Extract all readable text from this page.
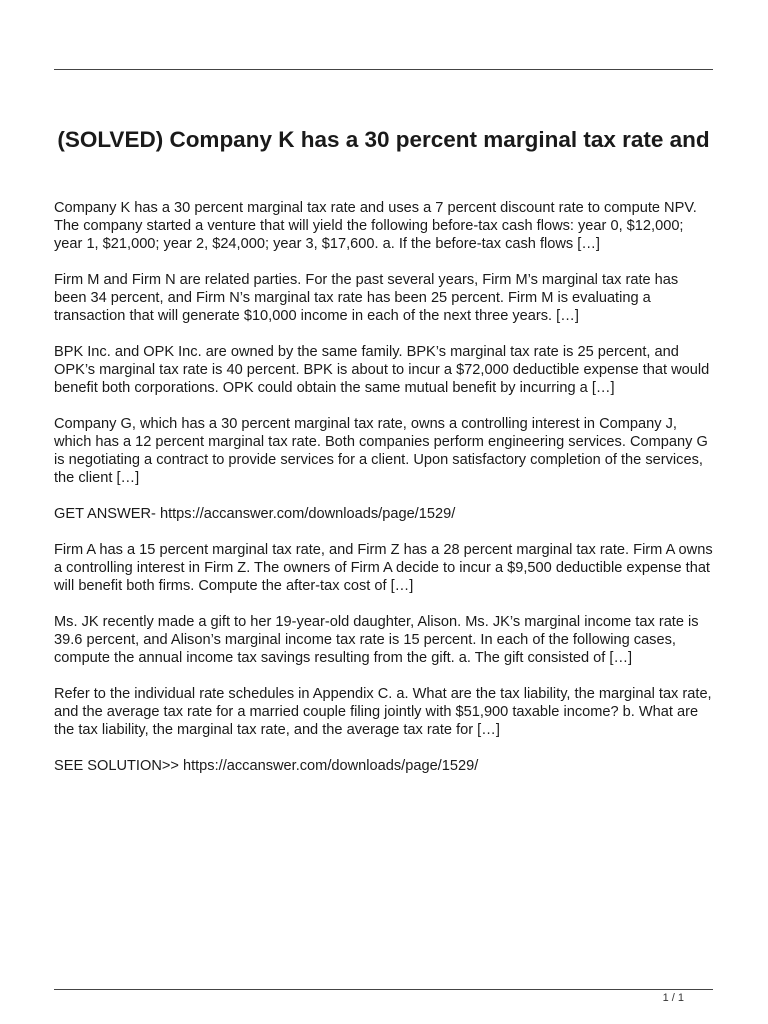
(SOLVED) Company K has a 30 percent marginal tax rate and

Company K has a 30 percent marginal tax rate and uses a 7 percent discount rate to compute NPV. The company started a venture that will yield the following before-tax cash flows: year 0, $12,000; year 1, $21,000; year 2, $24,000; year 3, $17,600. a. If the before-tax cash flows […]

Firm M and Firm N are related parties. For the past several years, Firm M’s marginal tax rate has been 34 percent, and Firm N’s marginal tax rate has been 25 percent. Firm M is evaluating a transaction that will generate $10,000 income in each of the next three years. […]

BPK Inc. and OPK Inc. are owned by the same family. BPK’s marginal tax rate is 25 percent, and OPK’s marginal tax rate is 40 percent. BPK is about to incur a $72,000 deductible expense that would benefit both corporations. OPK could obtain the same mutual benefit by incurring a […]

Company G, which has a 30 percent marginal tax rate, owns a controlling interest in Company J, which has a 12 percent marginal tax rate. Both companies perform engineering services. Company G is negotiating a contract to provide services for a client. Upon satisfactory completion of the services, the client […]

GET ANSWER- https://accanswer.com/downloads/page/1529/

Firm A has a 15 percent marginal tax rate, and Firm Z has a 28 percent marginal tax rate. Firm A owns a controlling interest in Firm Z. The owners of Firm A decide to incur a $9,500 deductible expense that will benefit both firms. Compute the after-tax cost of […]

Ms. JK recently made a gift to her 19-year-old daughter, Alison. Ms. JK’s marginal income tax rate is 39.6 percent, and Alison’s marginal income tax rate is 15 percent. In each of the following cases, compute the annual income tax savings resulting from the gift. a. The gift consisted of […]

Refer to the individual rate schedules in Appendix C. a. What are the tax liability, the marginal tax rate, and the average tax rate for a married couple filing jointly with $51,900 taxable income? b. What are the tax liability, the marginal tax rate, and the average tax rate for […]

SEE SOLUTION>> https://accanswer.com/downloads/page/1529/

1 / 1
